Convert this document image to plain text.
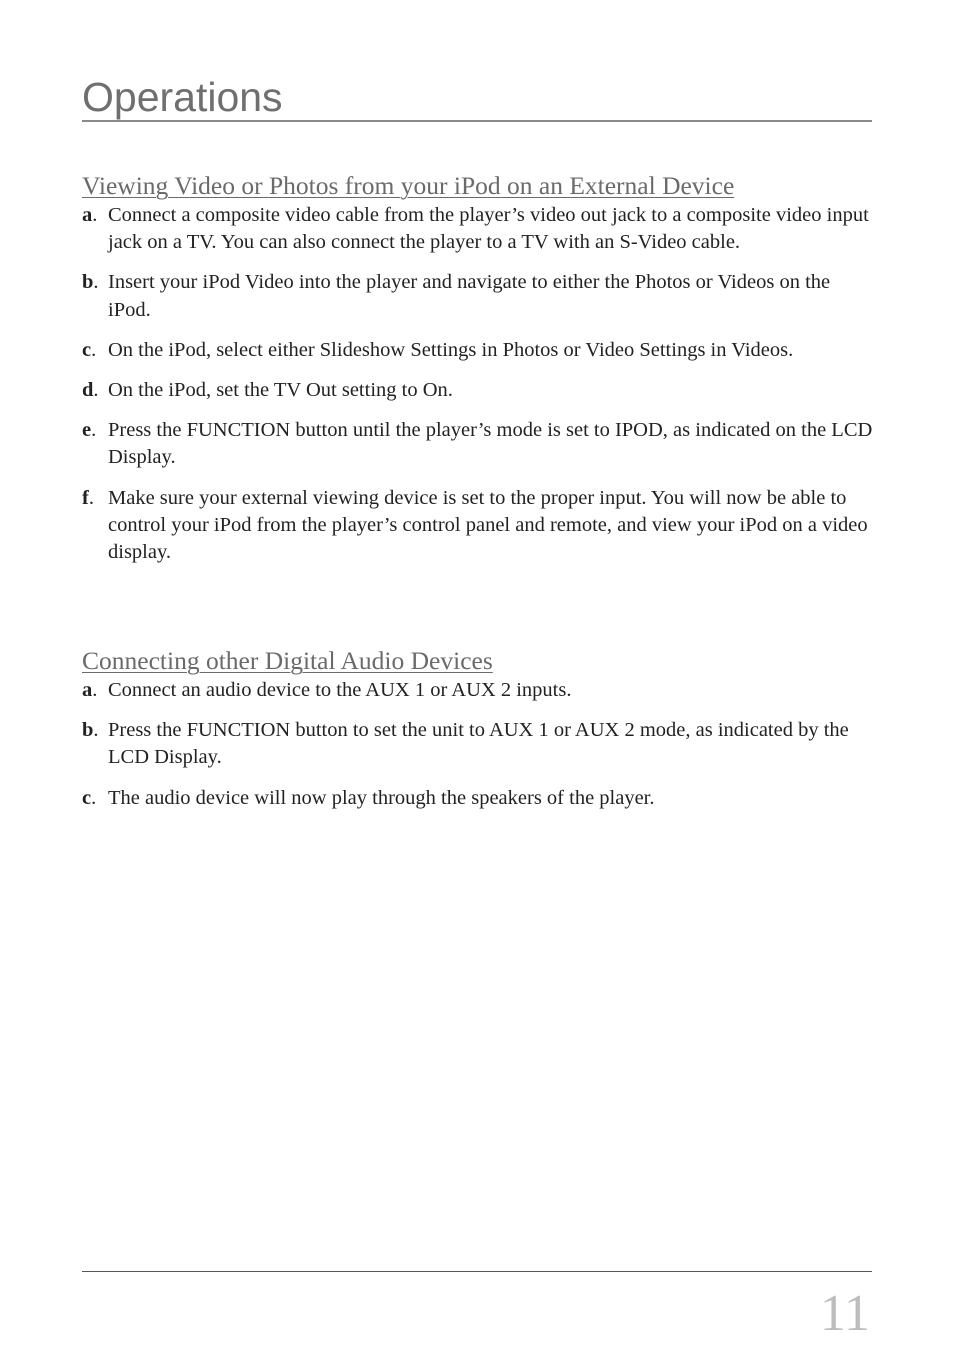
Operations
Viewing Video or Photos from your iPod on an External Device
a . Connect a composite video cable from the player’s video out jack to a composite video input jack on a TV. You can also connect the player to a TV with an S-Video cable.
b . Insert your iPod Video into the player and navigate to either the Photos or Videos on the iPod.
c . On the iPod, select either Slideshow Settings in Photos or Video Settings in Videos.
d . On the iPod, set the TV Out setting to On.
e . Press the FUNCTION button until the player’s mode is set to IPOD, as indicated on the LCD Display.
f . Make sure your external viewing device is set to the proper input. You will now be able to control your iPod from the player’s control panel and remote, and view your iPod on a video display.
Connecting other Digital Audio Devices
a . Connect an audio device to the AUX 1 or AUX 2 inputs.
b . Press the FUNCTION button to set the unit to AUX 1 or AUX 2 mode, as indicated by the LCD Display.
c . The audio device will now play through the speakers of the player.
11
